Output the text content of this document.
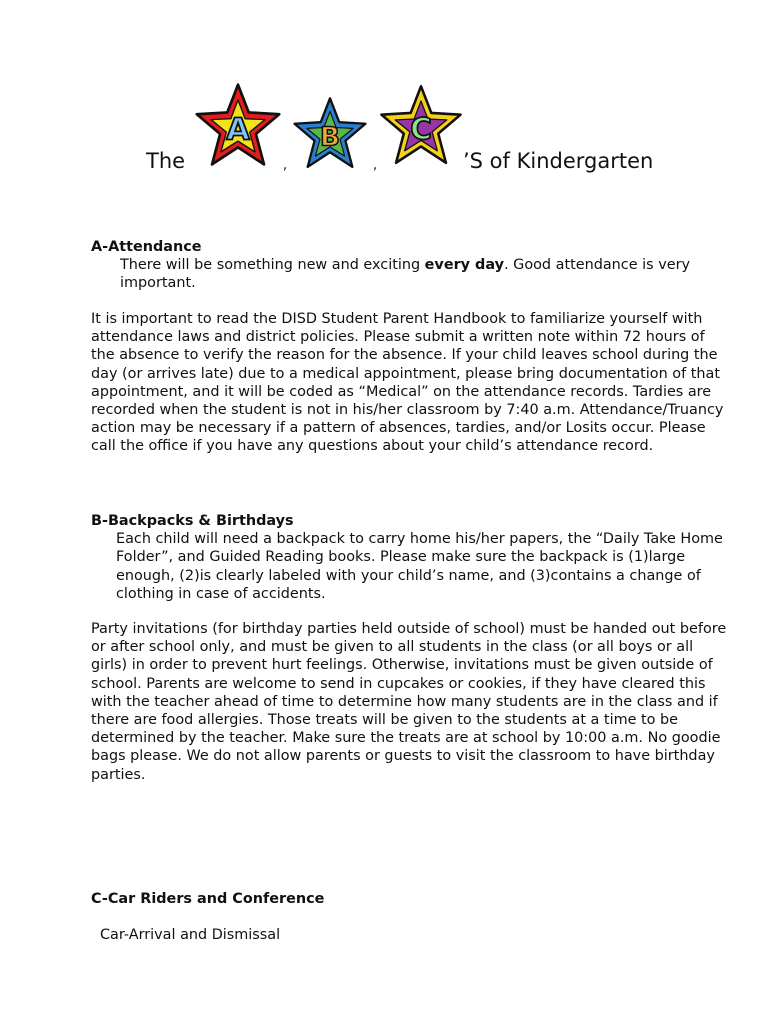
The
A
,
B
,
C
’S of Kindergarten

A-Attendance

There will be something new and exciting every day. Good attendance is very important.

It is important to read the DISD Student Parent Handbook to familiarize yourself with attendance laws and district policies. Please submit a written note within 72 hours of the absence to verify the reason for the absence. If your child leaves school during the day (or arrives late) due to a medical appointment, please bring documentation of that appointment, and it will be coded as “Medical” on the attendance records. Tardies are recorded when the student is not in his/her classroom by 7:40 a.m. Attendance/Truancy action may be necessary if a pattern of absences, tardies, and/or Losits occur. Please call the office if you have any questions about your child’s attendance record.

B-Backpacks & Birthdays

Each child will need a backpack to carry home his/her papers, the “Daily Take Home Folder”, and Guided Reading books. Please make sure the backpack is (1)large enough, (2)is clearly labeled with your child’s name, and (3)contains a change of clothing in case of accidents.

Party invitations (for birthday parties held outside of school) must be handed out before or after school only, and must be given to all students in the class (or all boys or all girls) in order to prevent hurt feelings. Otherwise, invitations must be given outside of school. Parents are welcome to send in cupcakes or cookies, if they have cleared this with the teacher ahead of time to determine how many students are in the class and if there are food allergies. Those treats will be given to the students at a time to be determined by the teacher. Make sure the treats are at school by 10:00 a.m. No goodie bags please. We do not allow parents or guests to visit the classroom to have birthday parties.

C-Car Riders and Conference

Car-Arrival and Dismissal
